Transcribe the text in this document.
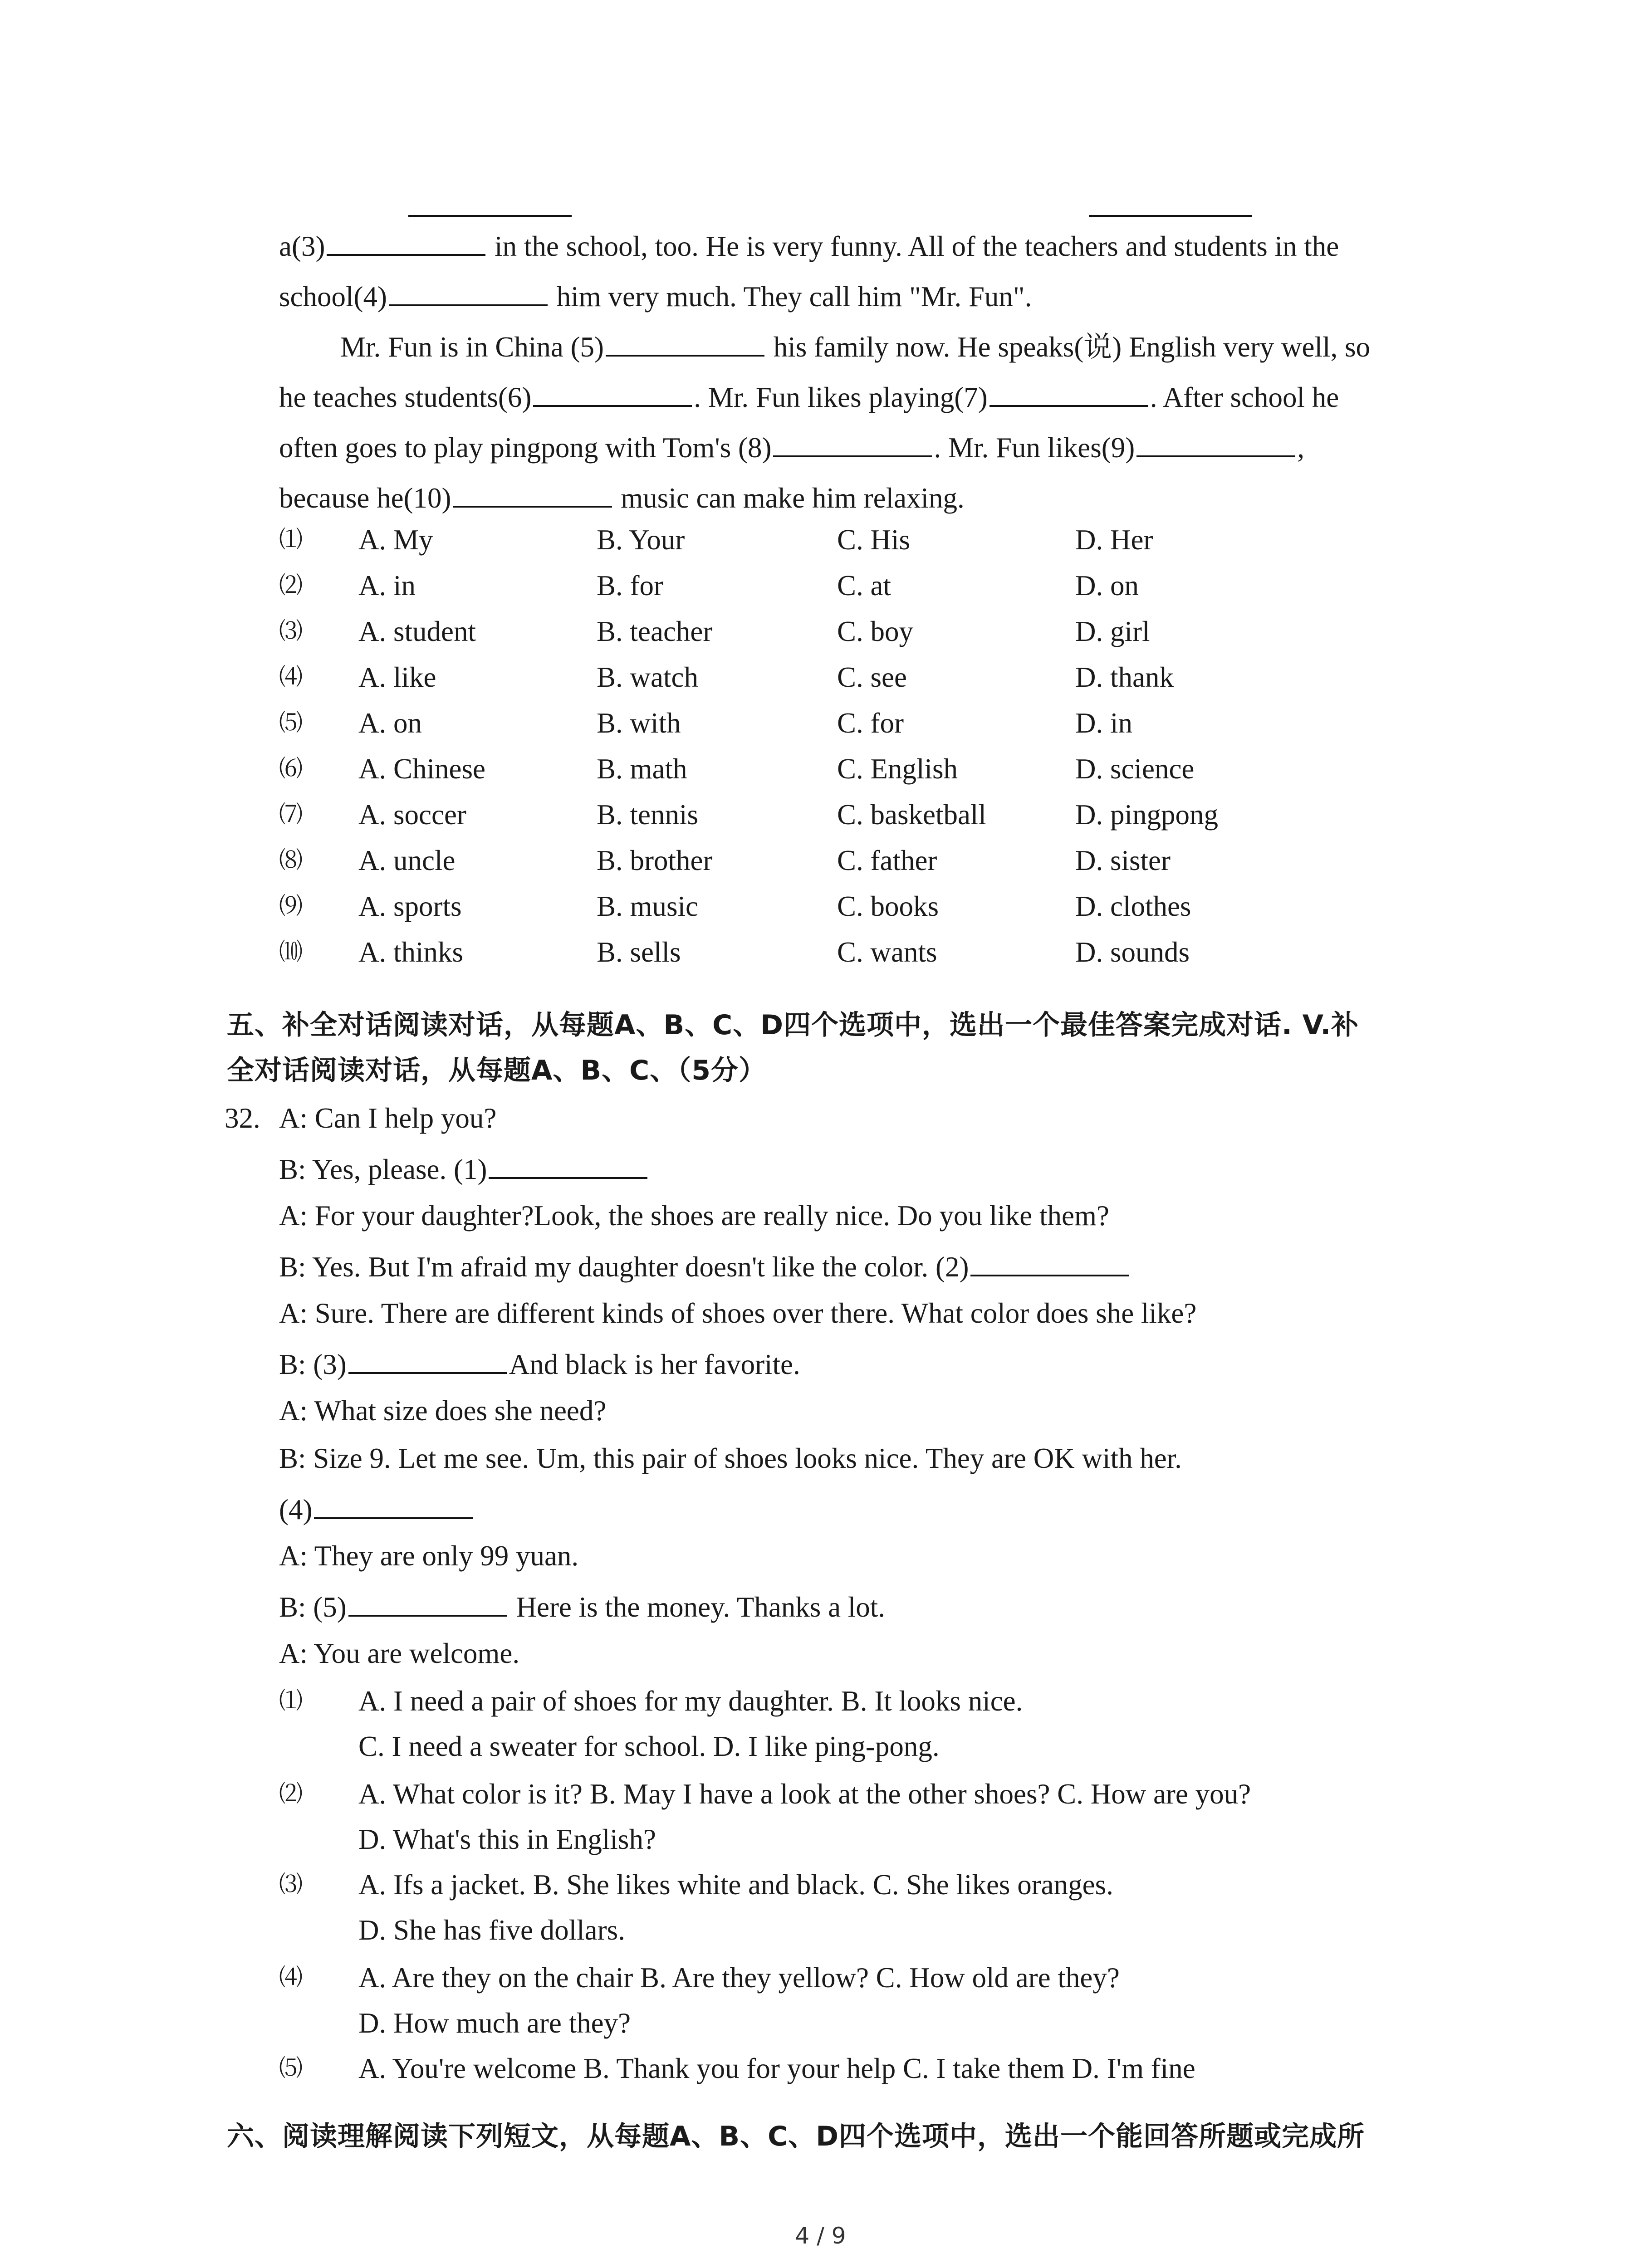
a(3)	in the school, too. He is very funny. All of the teachers and students in the
school(4)	him very much. They call him "Mr. Fun".
Mr. Fun is in China (5)	his family now. He speaks(说) English very well, so
he teaches students(6)	. Mr. Fun likes playing(7)	. After school he
often goes to play pingpong with Tom's (8)	. Mr. Fun likes(9)	,
because he(10)	music can make him relaxing.
⑴ A. My	B. Your	C. His	D. Her
⑵ A. in	B. for	C. at	D. on
⑶ A. student	B. teacher	C. boy	D. girl
⑷ A. like	B. watch	C. see	D. thank
⑸ A. on	B. with	C. for	D. in
⑹ A. Chinese	B. math	C. English	D. science
⑺ A. soccer	B. tennis	C. basketball	D. pingpong
⑻ A. uncle	B. brother	C. father	D. sister
⑼ A. sports	B. music	C. books	D. clothes
⑽ A. thinks	B. sells	C. wants	D. sounds
五、补全对话阅读对话，从每题A、B、C、D四个选项中，选出一个最佳答案完成对话. V.补
全对话阅读对话，从每题A、B、C、（5分）
32. A: Can I help you?
B: Yes, please. (1)
A: For your daughter?Look, the shoes are really nice. Do you like them?
B: Yes. But I'm afraid my daughter doesn't like the color. (2)
A: Sure. There are different kinds of shoes over there. What color does she like?
B: (3)	And black is her favorite.
A: What size does she need?
B: Size 9. Let me see. Um, this pair of shoes looks nice. They are OK with her.
(4)
A: They are only 99 yuan.
B: (5)	Here is the money. Thanks a lot.
A: You are welcome.
⑴ A. I need a pair of shoes for my daughter. B. It looks nice.
C. I need a sweater for school. D. I like ping-pong.
⑵ A. What color is it? B. May I have a look at the other shoes? C. How are you?
D. What's this in English?
⑶ A. Ifs a jacket. B. She likes white and black. C. She likes oranges.
D. She has five dollars.
⑷ A. Are they on the chair B. Are they yellow? C. How old are they?
D. How much are they?
⑸ A. You're welcome B. Thank you for your help C. I take them D. I'm fine
六、阅读理解阅读下列短文，从每题A、B、C、D四个选项中，选出一个能回答所题或完成所
4 / 9
